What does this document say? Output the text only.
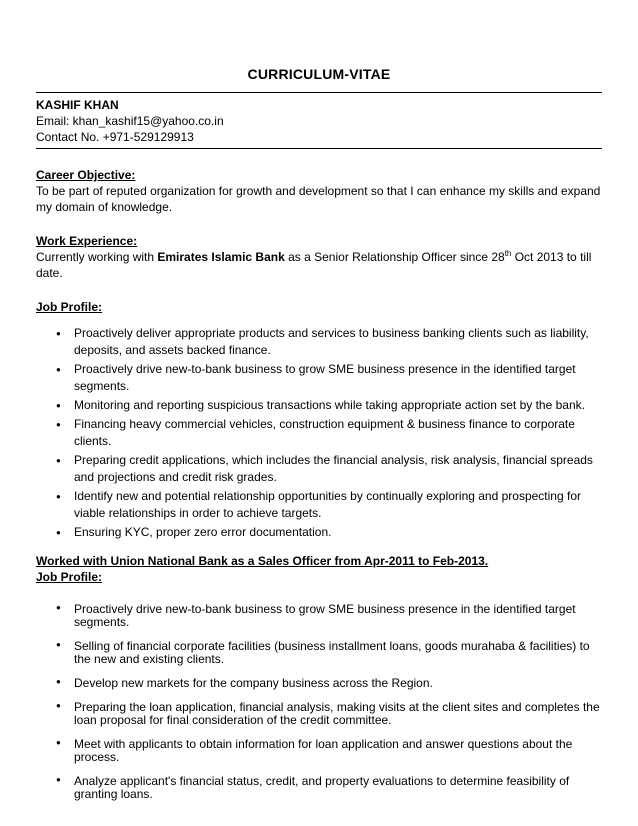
CURRICULUM-VITAE
KASHIF KHAN
Email: khan_kashif15@yahoo.co.in
Contact No. +971-529129913
Career Objective:

To be part of reputed organization for growth and development so that I can enhance my skills and expand my domain of knowledge.

Work Experience:

Currently working with Emirates Islamic Bank as a Senior Relationship Officer since 28th Oct 2013 to till date.

Job Profile:
● Proactively deliver appropriate products and services to business banking clients such as liability, deposits, and assets backed finance.
● Proactively drive new-to-bank business to grow SME business presence in the identified target segments.
● Monitoring and reporting suspicious transactions while taking appropriate action set by the bank.
● Financing heavy commercial vehicles, construction equipment & business finance to corporate clients.
● Preparing credit applications, which includes the financial analysis, risk analysis, financial spreads and projections and credit risk grades.
● Identify new and potential relationship opportunities by continually exploring and prospecting for viable relationships in order to achieve targets.
● Ensuring KYC, proper zero error documentation.
Worked with Union National Bank as a Sales Officer from Apr-2011 to Feb-2013.
Job Profile:
● Proactively drive new-to-bank business to grow SME business presence in the identified target segments.
● Selling of financial corporate facilities (business installment loans, goods murahaba & facilities) to the new and existing clients.
● Develop new markets for the company business across the Region.
● Preparing the loan application, financial analysis, making visits at the client sites and completes the loan proposal for final consideration of the credit committee.
● Meet with applicants to obtain information for loan application and answer questions about the process.
● Analyze applicant's financial status, credit, and property evaluations to determine feasibility of granting loans.
